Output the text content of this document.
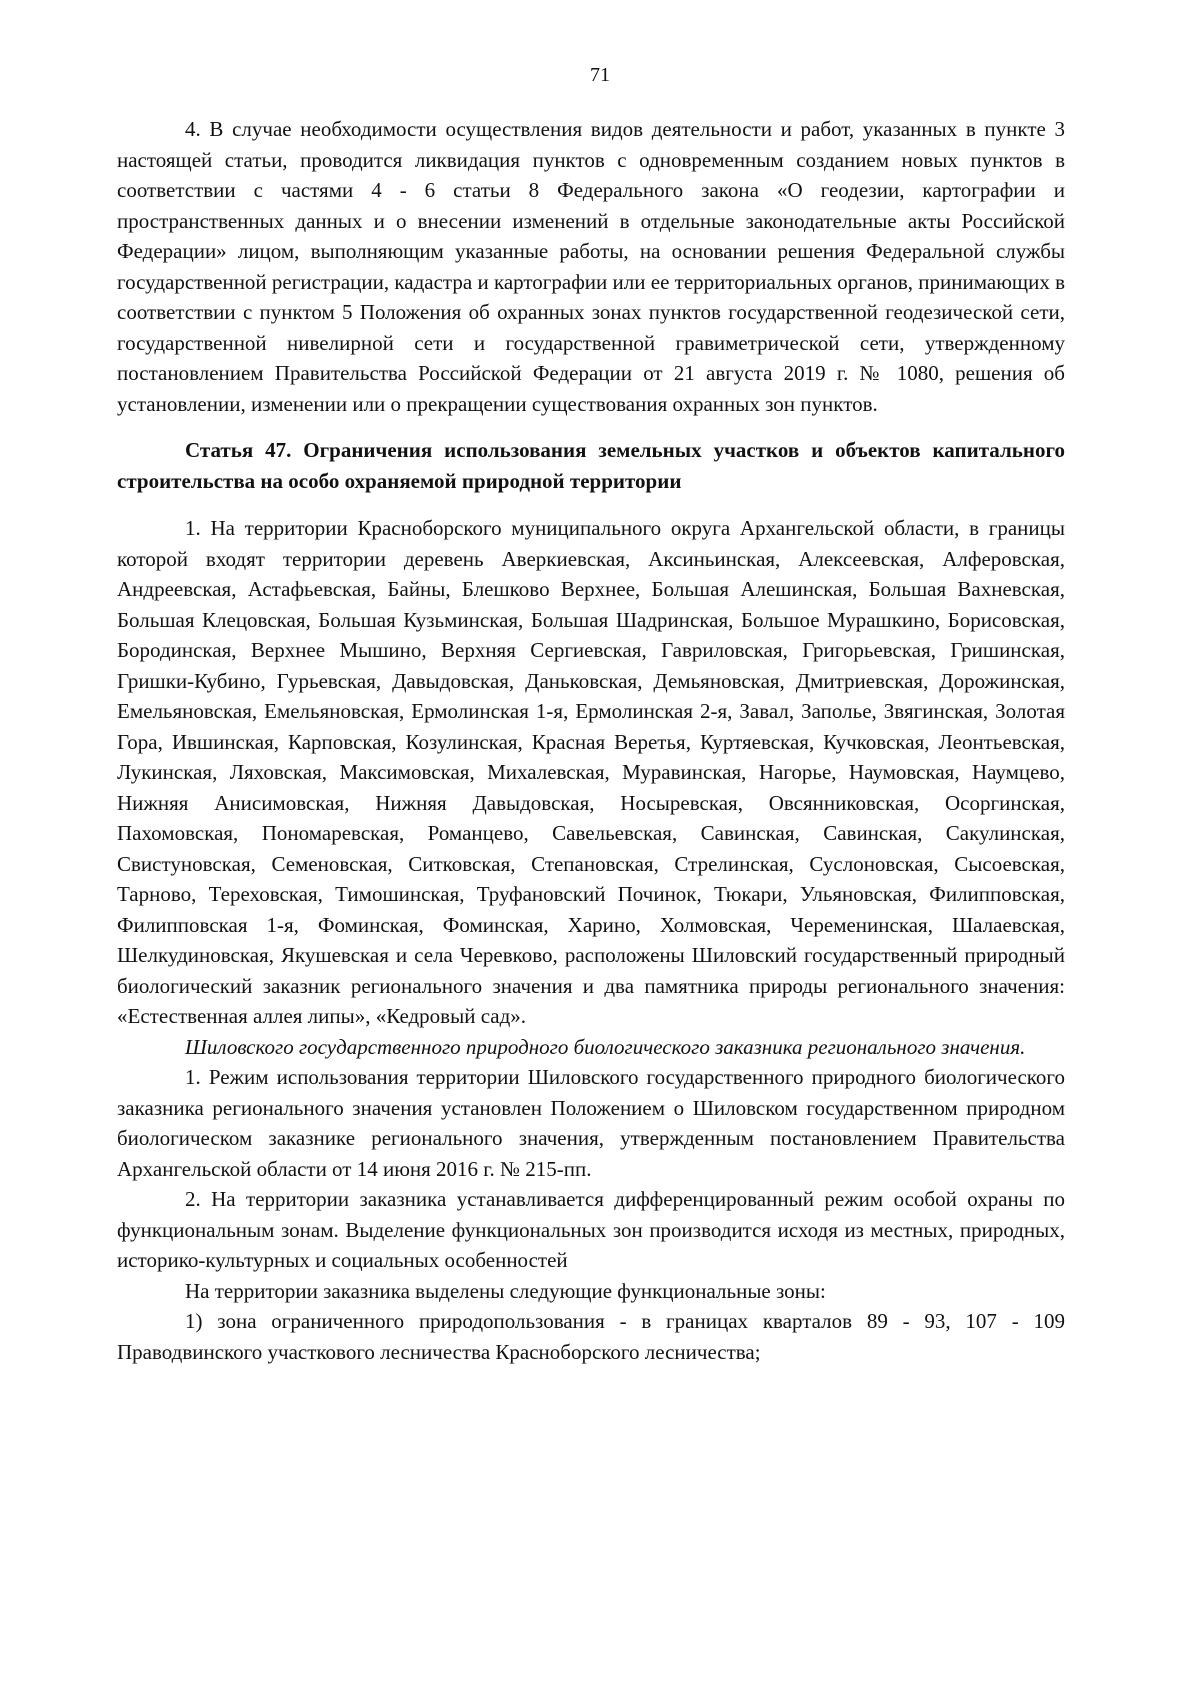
71

4. В случае необходимости осуществления видов деятельности и работ, указанных в пункте 3 настоящей статьи, проводится ликвидация пунктов с одновременным созданием новых пунктов в соответствии с частями 4 - 6 статьи 8 Федерального закона «О геодезии, картографии и пространственных данных и о внесении изменений в отдельные законодательные акты Российской Федерации» лицом, выполняющим указанные работы, на основании решения Федеральной службы государственной регистрации, кадастра и картографии или ее территориальных органов, принимающих в соответствии с пунктом 5 Положения об охранных зонах пунктов государственной геодезической сети, государственной нивелирной сети и государственной гравиметрической сети, утвержденному постановлением Правительства Российской Федерации от 21 августа 2019 г. № 1080, решения об установлении, изменении или о прекращении существования охранных зон пунктов.

Статья 47. Ограничения использования земельных участков и объектов капитального строительства на особо охраняемой природной территории

1. На территории Красноборского муниципального округа Архангельской области, в границы которой входят территории деревень Аверкиевская, Аксиньинская, Алексеевская, Алферовская, Андреевская, Астафьевская, Байны, Блешково Верхнее, Большая Алешинская, Большая Вахневская, Большая Клецовская, Большая Кузьминская, Большая Шадринская, Большое Мурашкино, Борисовская, Бородинская, Верхнее Мышино, Верхняя Сергиевская, Гавриловская, Григорьевская, Гришинская, Гришки-Кубино, Гурьевская, Давыдовская, Даньковская, Демьяновская, Дмитриевская, Дорожинская, Емельяновская, Емельяновская, Ермолинская 1-я, Ермолинская 2-я, Завал, Заполье, Звягинская, Золотая Гора, Ившинская, Карповская, Козулинская, Красная Веретья, Куртяевская, Кучковская, Леонтьевская, Лукинская, Ляховская, Максимовская, Михалевская, Муравинская, Нагорье, Наумовская, Наумцево, Нижняя Анисимовская, Нижняя Давыдовская, Носыревская, Овсянниковская, Осоргинская, Пахомовская, Пономаревская, Романцево, Савельевская, Савинская, Савинская, Сакулинская, Свистуновская, Семеновская, Ситковская, Степановская, Стрелинская, Суслоновская, Сысоевская, Тарново, Тереховская, Тимошинская, Труфановский Починок, Тюкари, Ульяновская, Филипповская, Филипповская 1-я, Фоминская, Фоминская, Харино, Холмовская, Череменинская, Шалаевская, Шелкудиновская, Якушевская и села Черевково, расположены Шиловский государственный природный биологический заказник регионального значения и два памятника природы регионального значения: «Естественная аллея липы», «Кедровый сад».

Шиловского государственного природного биологического заказника регионального значения.

1. Режим использования территории Шиловского государственного природного биологического заказника регионального значения установлен Положением о Шиловском государственном природном биологическом заказнике регионального значения, утвержденным постановлением Правительства Архангельской области от 14 июня 2016 г. № 215-пп.

2. На территории заказника устанавливается дифференцированный режим особой охраны по функциональным зонам. Выделение функциональных зон производится исходя из местных, природных, историко-культурных и социальных особенностей

На территории заказника выделены следующие функциональные зоны:

1) зона ограниченного природопользования - в границах кварталов 89 - 93, 107 - 109 Праводвинского участкового лесничества Красноборского лесничества;
